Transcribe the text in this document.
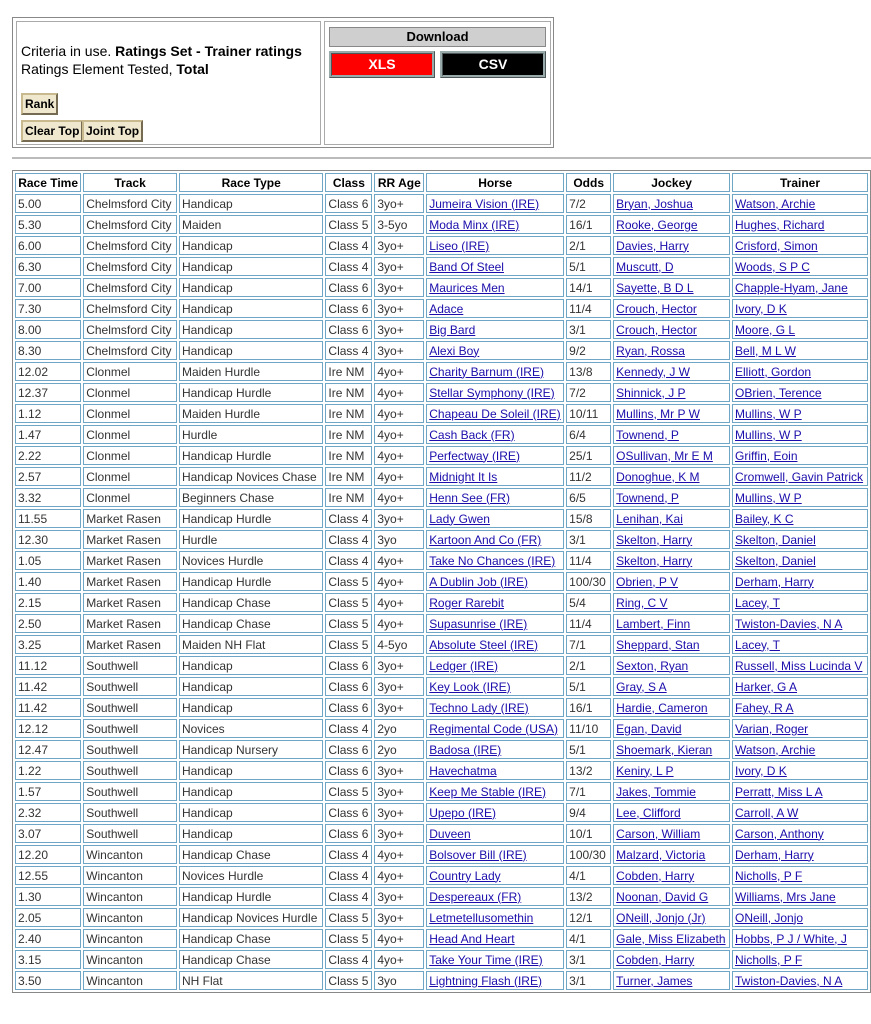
Criteria in use. Ratings Set - Trainer ratings
Ratings Element Tested, Total
Rank
Clear Top Joint Top
Download
XLS	CSV
Race Time	Track	Race Type	Class	RR Age	Horse	Odds	Jockey	Trainer
5.00	Chelmsford City	Handicap	Class 6	3yo+	Jumeira Vision (IRE)	7/2	Bryan, Joshua	Watson, Archie
5.30	Chelmsford City	Maiden	Class 5	3-5yo	Moda Minx (IRE)	16/1	Rooke, George	Hughes, Richard
6.00	Chelmsford City	Handicap	Class 4	3yo+	Liseo (IRE)	2/1	Davies, Harry	Crisford, Simon
6.30	Chelmsford City	Handicap	Class 4	3yo+	Band Of Steel	5/1	Muscutt, D	Woods, S P C
7.00	Chelmsford City	Handicap	Class 6	3yo+	Maurices Men	14/1	Sayette, B D L	Chapple-Hyam, Jane
7.30	Chelmsford City	Handicap	Class 6	3yo+	Adace	11/4	Crouch, Hector	Ivory, D K
8.00	Chelmsford City	Handicap	Class 6	3yo+	Big Bard	3/1	Crouch, Hector	Moore, G L
8.30	Chelmsford City	Handicap	Class 4	3yo+	Alexi Boy	9/2	Ryan, Rossa	Bell, M L W
12.02	Clonmel	Maiden Hurdle	Ire NM	4yo+	Charity Barnum (IRE)	13/8	Kennedy, J W	Elliott, Gordon
12.37	Clonmel	Handicap Hurdle	Ire NM	4yo+	Stellar Symphony (IRE)	7/2	Shinnick, J P	OBrien, Terence
1.12	Clonmel	Maiden Hurdle	Ire NM	4yo+	Chapeau De Soleil (IRE)	10/11	Mullins, Mr P W	Mullins, W P
1.47	Clonmel	Hurdle	Ire NM	4yo+	Cash Back (FR)	6/4	Townend, P	Mullins, W P
2.22	Clonmel	Handicap Hurdle	Ire NM	4yo+	Perfectway (IRE)	25/1	OSullivan, Mr E M	Griffin, Eoin
2.57	Clonmel	Handicap Novices Chase	Ire NM	4yo+	Midnight It Is	11/2	Donoghue, K M	Cromwell, Gavin Patrick
3.32	Clonmel	Beginners Chase	Ire NM	4yo+	Henn See (FR)	6/5	Townend, P	Mullins, W P
11.55	Market Rasen	Handicap Hurdle	Class 4	3yo+	Lady Gwen	15/8	Lenihan, Kai	Bailey, K C
12.30	Market Rasen	Hurdle	Class 4	3yo	Kartoon And Co (FR)	3/1	Skelton, Harry	Skelton, Daniel
1.05	Market Rasen	Novices Hurdle	Class 4	4yo+	Take No Chances (IRE)	11/4	Skelton, Harry	Skelton, Daniel
1.40	Market Rasen	Handicap Hurdle	Class 5	4yo+	A Dublin Job (IRE)	100/30	Obrien, P V	Derham, Harry
2.15	Market Rasen	Handicap Chase	Class 5	4yo+	Roger Rarebit	5/4	Ring, C V	Lacey, T
2.50	Market Rasen	Handicap Chase	Class 5	4yo+	Supasunrise (IRE)	11/4	Lambert, Finn	Twiston-Davies, N A
3.25	Market Rasen	Maiden NH Flat	Class 5	4-5yo	Absolute Steel (IRE)	7/1	Sheppard, Stan	Lacey, T
11.12	Southwell	Handicap	Class 6	3yo+	Ledger (IRE)	2/1	Sexton, Ryan	Russell, Miss Lucinda V
11.42	Southwell	Handicap	Class 6	3yo+	Key Look (IRE)	5/1	Gray, S A	Harker, G A
11.42	Southwell	Handicap	Class 6	3yo+	Techno Lady (IRE)	16/1	Hardie, Cameron	Fahey, R A
12.12	Southwell	Novices	Class 4	2yo	Regimental Code (USA)	11/10	Egan, David	Varian, Roger
12.47	Southwell	Handicap Nursery	Class 6	2yo	Badosa (IRE)	5/1	Shoemark, Kieran	Watson, Archie
1.22	Southwell	Handicap	Class 6	3yo+	Havechatma	13/2	Keniry, L P	Ivory, D K
1.57	Southwell	Handicap	Class 5	3yo+	Keep Me Stable (IRE)	7/1	Jakes, Tommie	Perratt, Miss L A
2.32	Southwell	Handicap	Class 6	3yo+	Upepo (IRE)	9/4	Lee, Clifford	Carroll, A W
3.07	Southwell	Handicap	Class 6	3yo+	Duveen	10/1	Carson, William	Carson, Anthony
12.20	Wincanton	Handicap Chase	Class 4	4yo+	Bolsover Bill (IRE)	100/30	Malzard, Victoria	Derham, Harry
12.55	Wincanton	Novices Hurdle	Class 4	4yo+	Country Lady	4/1	Cobden, Harry	Nicholls, P F
1.30	Wincanton	Handicap Hurdle	Class 4	3yo+	Despereaux (FR)	13/2	Noonan, David G	Williams, Mrs Jane
2.05	Wincanton	Handicap Novices Hurdle	Class 5	3yo+	Letmetellusomethin	12/1	ONeill, Jonjo (Jr)	ONeill, Jonjo
2.40	Wincanton	Handicap Chase	Class 5	4yo+	Head And Heart	4/1	Gale, Miss Elizabeth	Hobbs, P J / White, J
3.15	Wincanton	Handicap Chase	Class 4	4yo+	Take Your Time (IRE)	3/1	Cobden, Harry	Nicholls, P F
3.50	Wincanton	NH Flat	Class 5	3yo	Lightning Flash (IRE)	3/1	Turner, James	Twiston-Davies, N A
